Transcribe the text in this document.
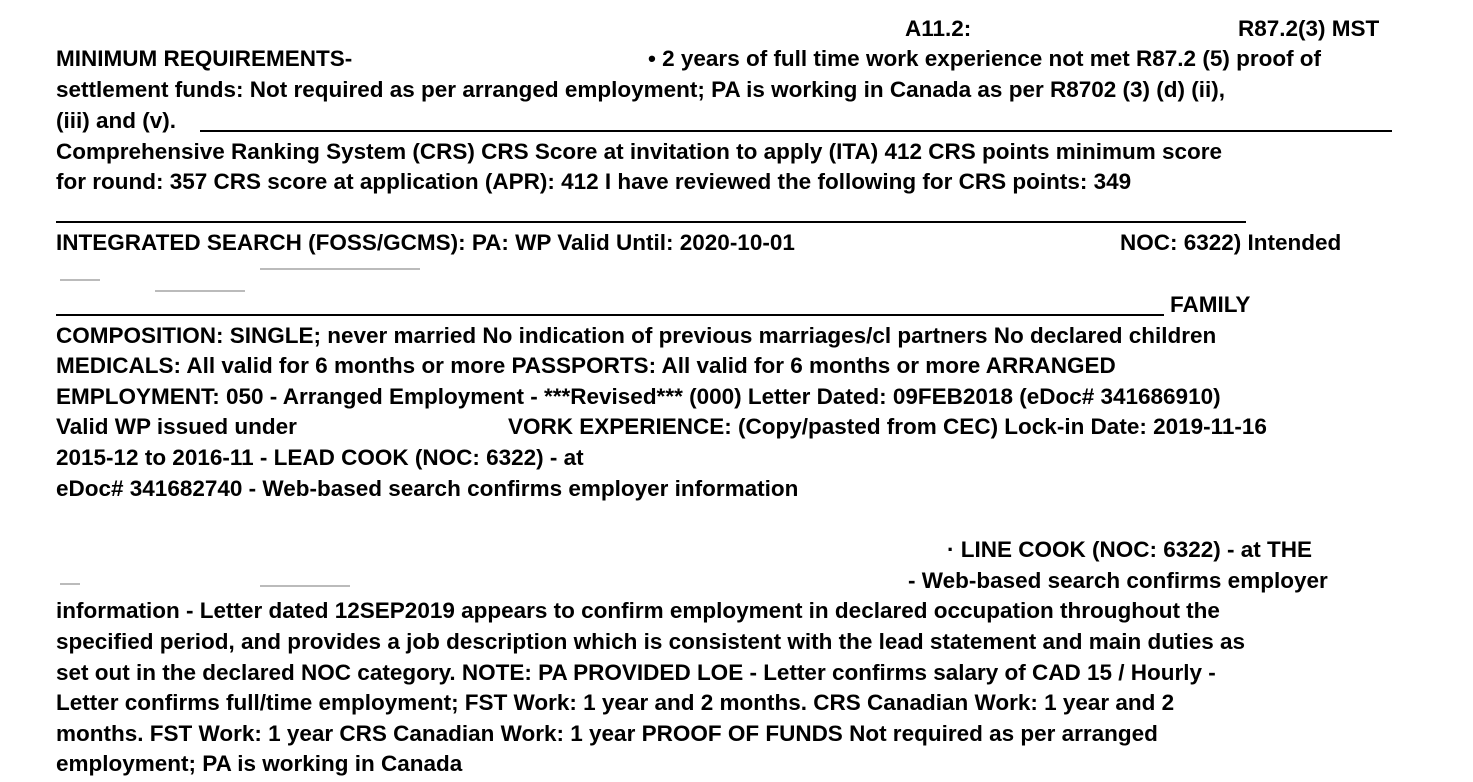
A11.2:	R87.2(3) MST
MINIMUM REQUIREMENTS-	• 2 years of full time work experience not met R87.2 (5) proof of
settlement funds: Not required as per arranged employment; PA is working in Canada as per R8702 (3) (d) (ii),
(iii) and (v).
Comprehensive Ranking System (CRS) CRS Score at invitation to apply (ITA) 412 CRS points minimum score
for round: 357 CRS score at application (APR): 412 I have reviewed the following for CRS points: 349
INTEGRATED SEARCH (FOSS/GCMS): PA: WP Valid Until: 2020-10-01	NOC: 6322) Intended
FAMILY
COMPOSITION: SINGLE; never married No indication of previous marriages/cl partners No declared children
MEDICALS: All valid for 6 months or more PASSPORTS: All valid for 6 months or more ARRANGED
EMPLOYMENT: 050 - Arranged Employment - ***Revised*** (000) Letter Dated: 09FEB2018 (eDoc# 341686910)
Valid WP issued under	VORK EXPERIENCE: (Copy/pasted from CEC) Lock-in Date: 2019-11-16
2015-12 to 2016-11 - LEAD COOK (NOC: 6322) - at
eDoc# 341682740 - Web-based search confirms employer information
· LINE COOK (NOC: 6322) - at THE
- Web-based search confirms employer
information - Letter dated 12SEP2019 appears to confirm employment in declared occupation throughout the
specified period, and provides a job description which is consistent with the lead statement and main duties as
set out in the declared NOC category. NOTE: PA PROVIDED LOE - Letter confirms salary of CAD 15 / Hourly -
Letter confirms full/time employment; FST Work: 1 year and 2 months. CRS Canadian Work: 1 year and 2
months. FST Work: 1 year CRS Canadian Work: 1 year PROOF OF FUNDS Not required as per arranged
employment; PA is working in Canada
